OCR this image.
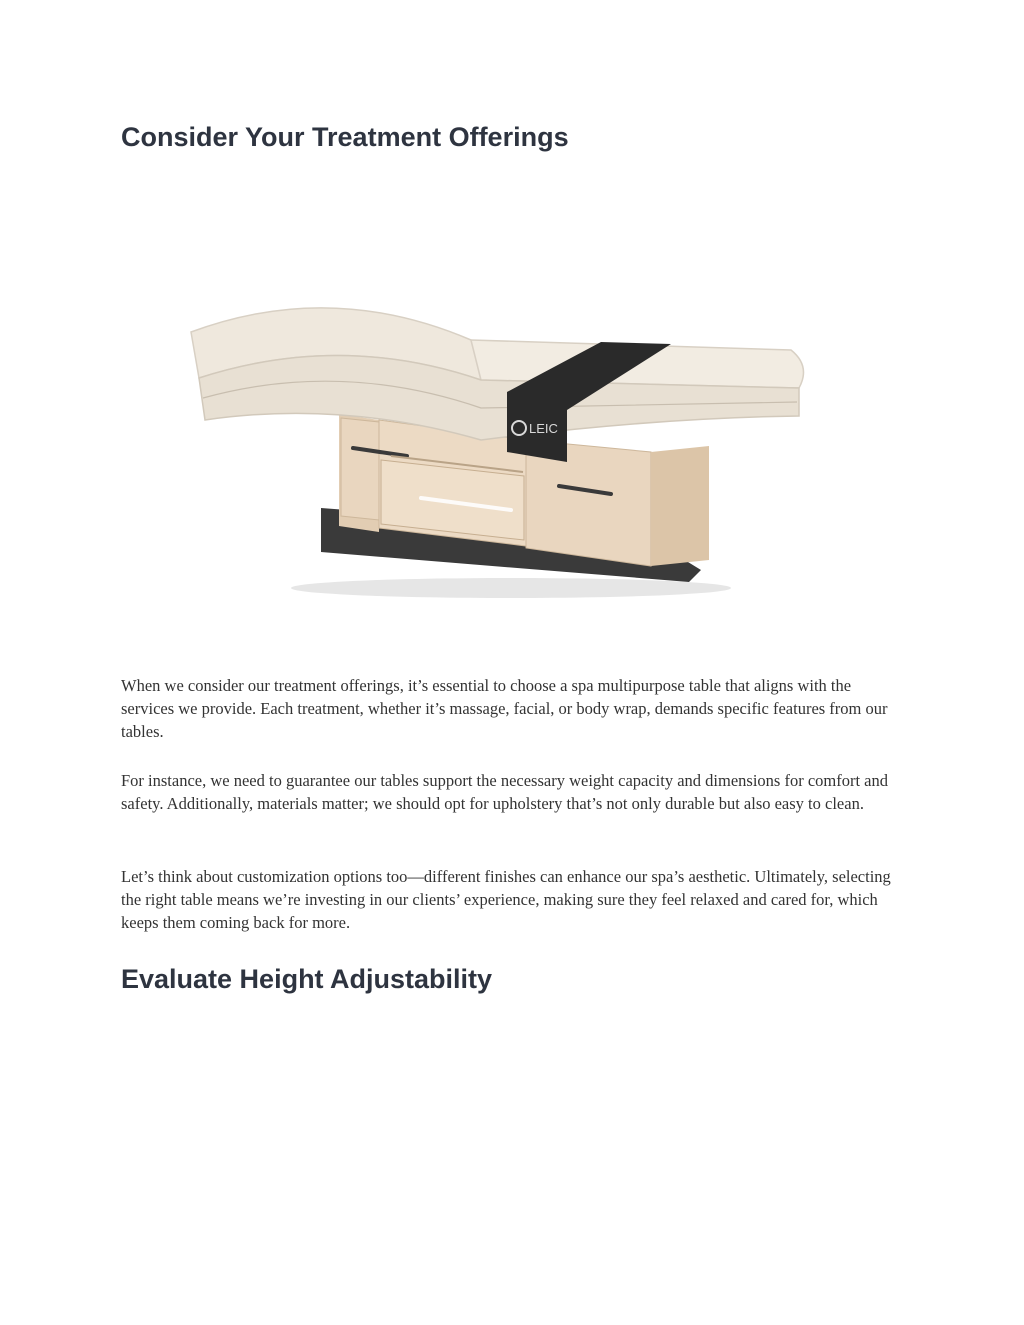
Consider Your Treatment Offerings
LEIC

When we consider our treatment offerings, it’s essential to choose a spa multipurpose table that aligns with the services we provide. Each treatment, whether it’s massage, facial, or body wrap, demands specific features from our tables.

For instance, we need to guarantee our tables support the necessary weight capacity and dimensions for comfort and safety. Additionally, materials matter; we should opt for upholstery that’s not only durable but also easy to clean.

Let’s think about customization options too—different finishes can enhance our spa’s aesthetic. Ultimately, selecting the right table means we’re investing in our clients’ experience, making sure they feel relaxed and cared for, which keeps them coming back for more.

Evaluate Height Adjustability
